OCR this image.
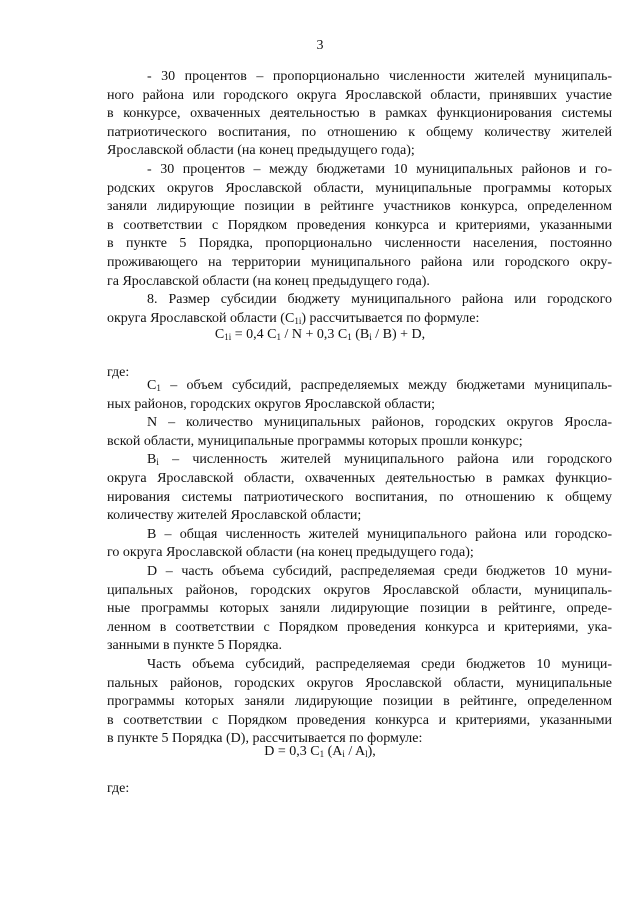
3
- 30 процентов – пропорционально численности жителей муниципаль-
ного района или городского округа Ярославской области, принявших участие
в конкурсе, охваченных деятельностью в рамках функционирования системы
патриотического воспитания, по отношению к общему количеству жителей
Ярославской области (на конец предыдущего года);
- 30 процентов – между бюджетами 10 муниципальных районов и го-
родских округов Ярославской области, муниципальные программы которых
заняли лидирующие позиции в рейтинге участников конкурса, определенном
в соответствии с Порядком проведения конкурса и критериями, указанными
в пункте 5 Порядка, пропорционально численности населения, постоянно
проживающего на территории муниципального района или городского окру-
га Ярославской области (на конец предыдущего года).
8. Размер субсидии бюджету муниципального района или городского
округа Ярославской области $(С_{1i})$ рассчитывается по формуле:
$С_{1i} = 0,4$ $С_1 / N + 0,3$ $С_1$ $(B_i / B) + D$,
где:
$С_1$ – объем субсидий, распределяемых между бюджетами муниципаль-
ных районов, городских округов Ярославской области;
N – количество муниципальных районов, городских округов Яросла-
вской области, муниципальные программы которых прошли конкурс;
$B_i$ – численность жителей муниципального района или городского
округа Ярославской области, охваченных деятельностью в рамках функцио-
нирования системы патриотического воспитания, по отношению к общему
количеству жителей Ярославской области;
B – общая численность жителей муниципального района или городско-
го округа Ярославской области (на конец предыдущего года);
D – часть объема субсидий, распределяемая среди бюджетов 10 муни-
ципальных районов, городских округов Ярославской области, муниципаль-
ные программы которых заняли лидирующие позиции в рейтинге, опреде-
ленном в соответствии с Порядком проведения конкурса и критериями, ука-
занными в пункте 5 Порядка.
Часть объема субсидий, распределяемая среди бюджетов 10 муници-
пальных районов, городских округов Ярославской области, муниципальные
программы которых заняли лидирующие позиции в рейтинге, определенном
в соответствии с Порядком проведения конкурса и критериями, указанными
в пункте 5 Порядка (D), рассчитывается по формуле:
D = 0,3 $С_1$ $(A_i / A_l)$,
где:
